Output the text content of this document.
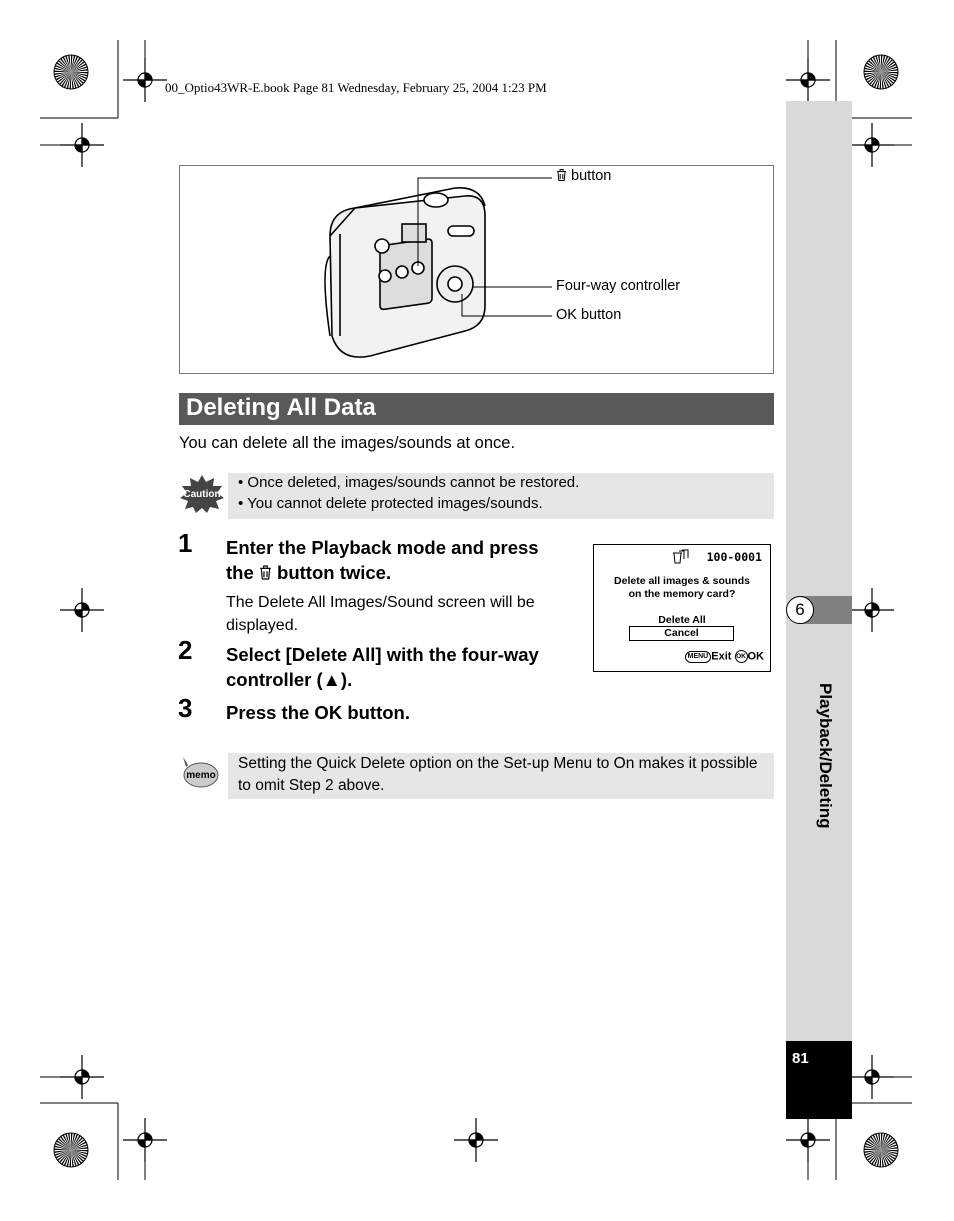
00_Optio43WR-E.book Page 81 Wednesday, February 25, 2004 1:23 PM
button
Four-way controller
OK button
Deleting All Data
You can delete all the images/sounds at once.
Caution
• Once deleted, images/sounds cannot be restored.
• You cannot delete protected images/sounds.
1 Enter the Playback mode and press
the  button twice.
The Delete All Images/Sound screen will be displayed.
2 Select [Delete All] with the four-way
controller (▲).
3 Press the OK button.
100-0001
Delete all images & sounds
on the memory card?
Delete All
Cancel
MENU Exit OK OK
memo
Setting the Quick Delete option on the Set-up Menu to On makes it possible to omit Step 2 above.
6
Playback/Deleting
81
